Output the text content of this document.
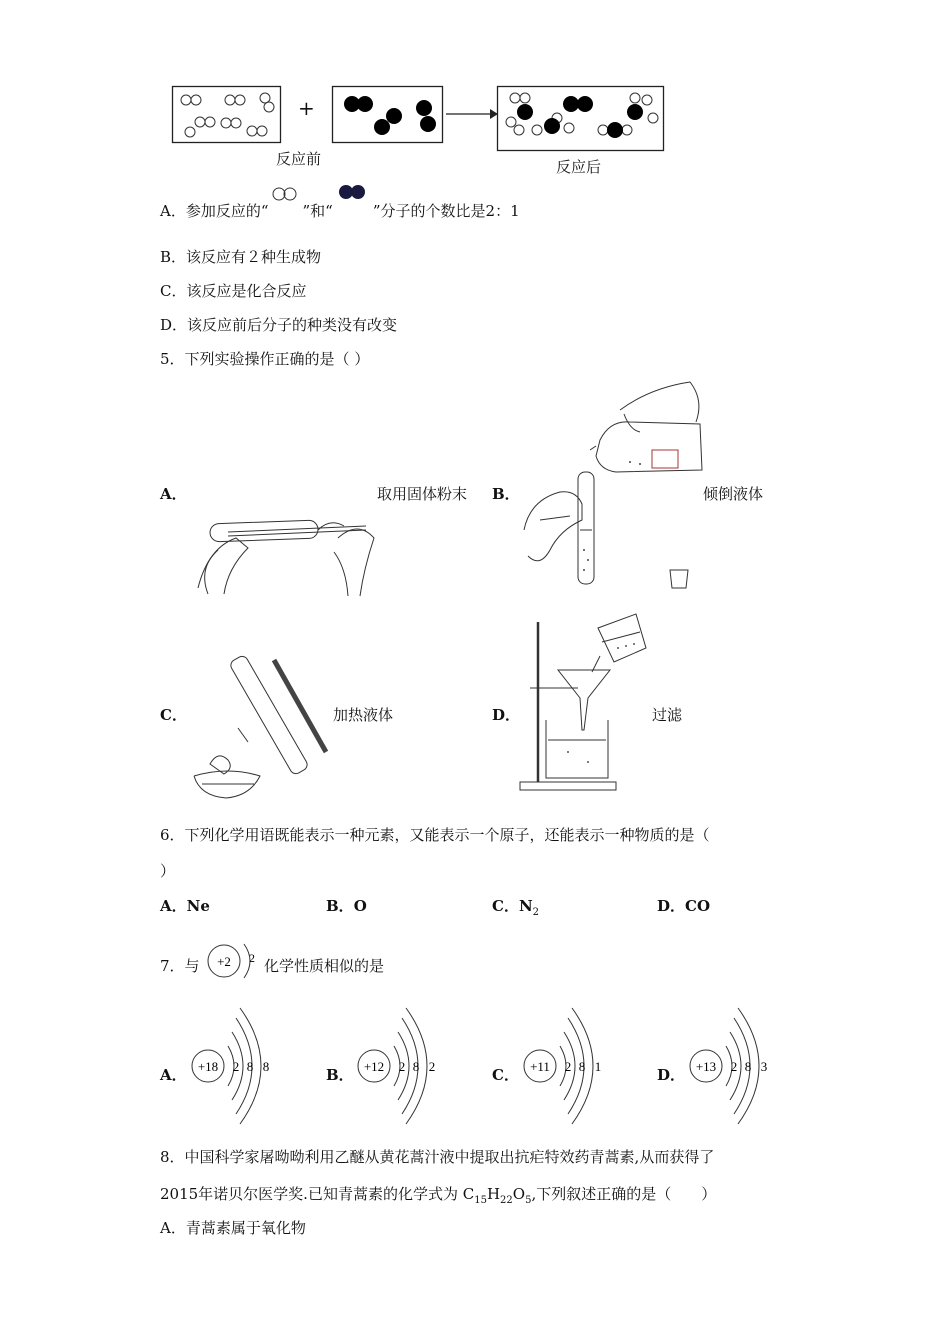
+
反应前	反应后
A．参加反应的“ ”和“	”分子的个数比是2：1
B．该反应有２种生成物
C．该反应是化合反应
D．该反应前后分子的种类没有改变
5．下列实验操作正确的是（ ）
A．	取用固体粉末 B．	倾倒液体
C．	加热液体	D．	过滤
6．下列化学用语既能表示一种元素，又能表示一个原子，还能表示一种物质的是（
）
A．Ne	B．O	C．$N_2$	D．CO
7．与 +2 2 化学性质相似的是
A． +18 2 8 8	B． +12 2 8 2	C． +11 2 8 1	D． +13 2 8 3
8．中国科学家屠呦呦利用乙醚从黄花蒿汁液中提取出抗疟特效药青蒿素,从而获得了
2015年诺贝尔医学奖.已知青蒿素的化学式为 $C_{15}H_{22}O_5$,下列叙述正确的是（　　）
A．青蒿素属于氧化物
